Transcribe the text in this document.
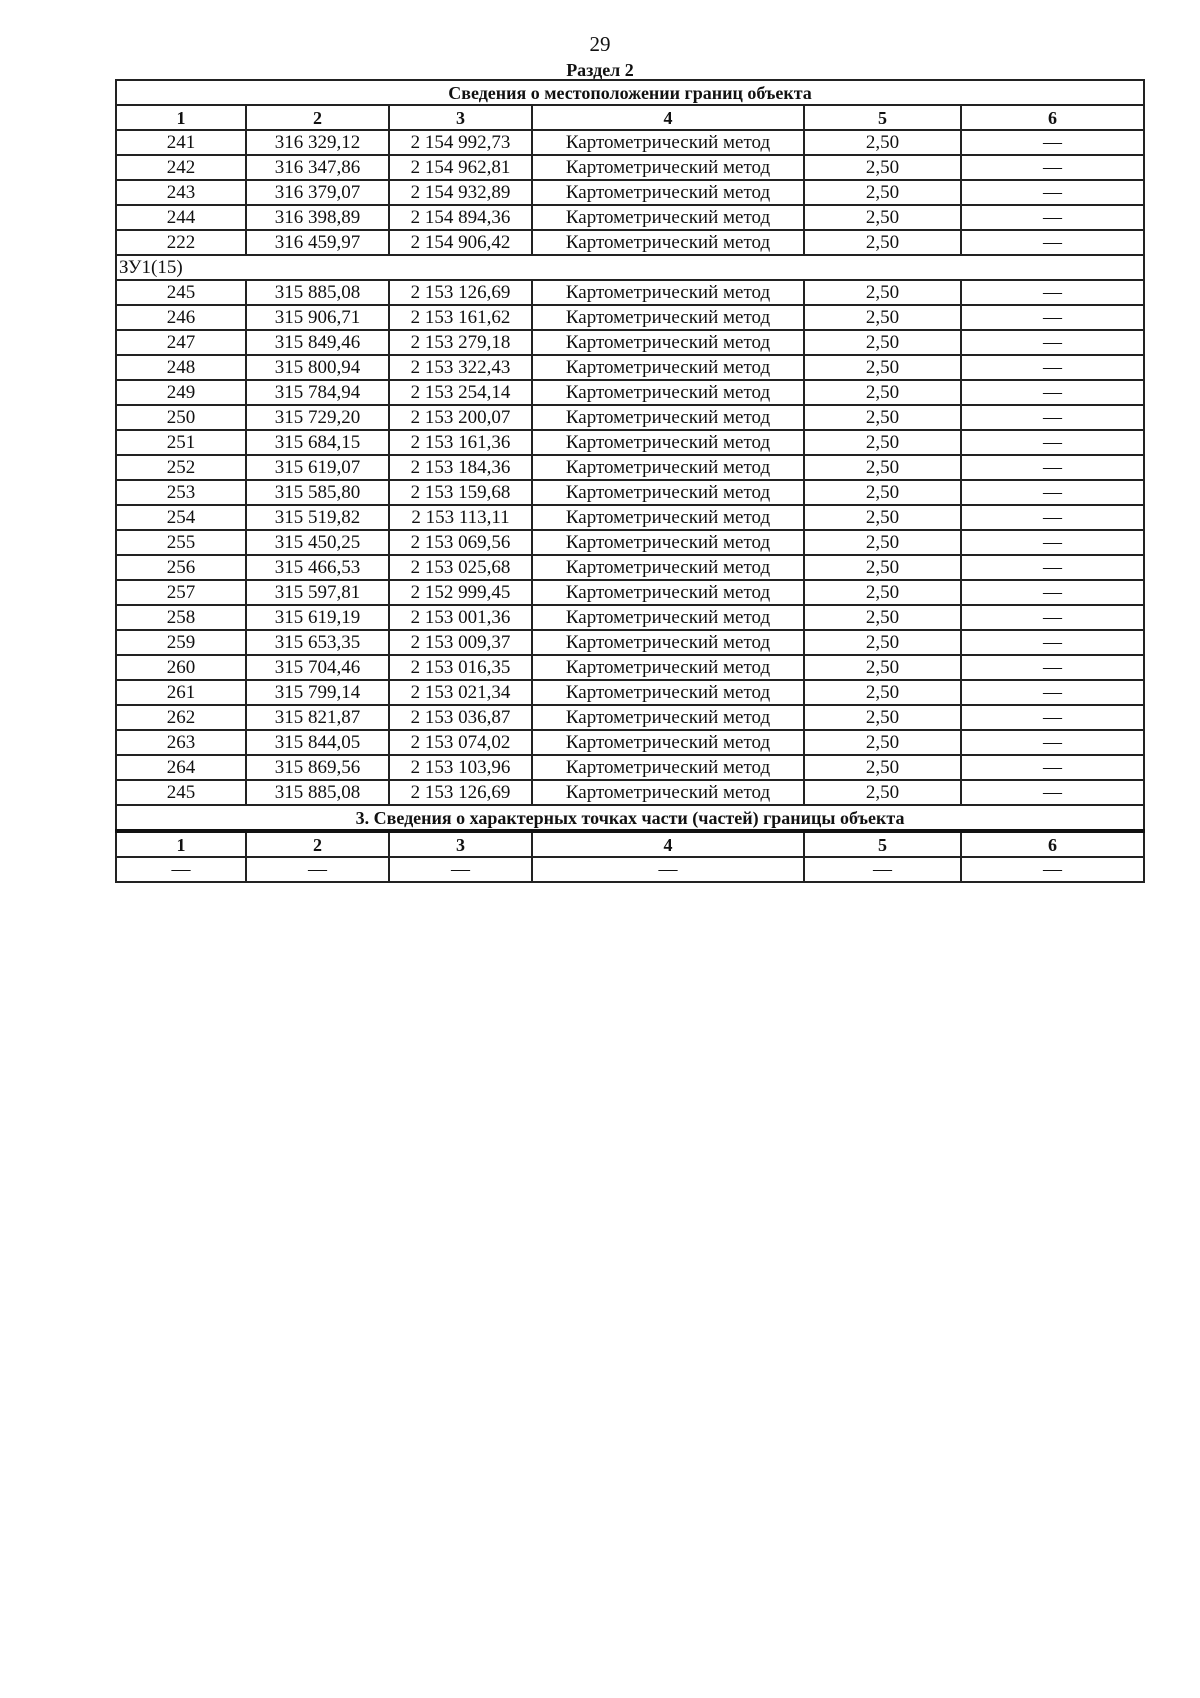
29
Раздел 2
Сведения о местоположении границ объекта					
1	2	3	4	5	6
241	316 329,12	2 154 992,73	Картометрический метод	2,50	—
242	316 347,86	2 154 962,81	Картометрический метод	2,50	—
243	316 379,07	2 154 932,89	Картометрический метод	2,50	—
244	316 398,89	2 154 894,36	Картометрический метод	2,50	—
222	316 459,97	2 154 906,42	Картометрический метод	2,50	—
ЗУ1(15)					
245	315 885,08	2 153 126,69	Картометрический метод	2,50	—
246	315 906,71	2 153 161,62	Картометрический метод	2,50	—
247	315 849,46	2 153 279,18	Картометрический метод	2,50	—
248	315 800,94	2 153 322,43	Картометрический метод	2,50	—
249	315 784,94	2 153 254,14	Картометрический метод	2,50	—
250	315 729,20	2 153 200,07	Картометрический метод	2,50	—
251	315 684,15	2 153 161,36	Картометрический метод	2,50	—
252	315 619,07	2 153 184,36	Картометрический метод	2,50	—
253	315 585,80	2 153 159,68	Картометрический метод	2,50	—
254	315 519,82	2 153 113,11	Картометрический метод	2,50	—
255	315 450,25	2 153 069,56	Картометрический метод	2,50	—
256	315 466,53	2 153 025,68	Картометрический метод	2,50	—
257	315 597,81	2 152 999,45	Картометрический метод	2,50	—
258	315 619,19	2 153 001,36	Картометрический метод	2,50	—
259	315 653,35	2 153 009,37	Картометрический метод	2,50	—
260	315 704,46	2 153 016,35	Картометрический метод	2,50	—
261	315 799,14	2 153 021,34	Картометрический метод	2,50	—
262	315 821,87	2 153 036,87	Картометрический метод	2,50	—
263	315 844,05	2 153 074,02	Картометрический метод	2,50	—
264	315 869,56	2 153 103,96	Картометрический метод	2,50	—
245	315 885,08	2 153 126,69	Картометрический метод	2,50	—
3. Сведения о характерных точках части (частей) границы объекта					
1	2	3	4	5	6
—	—	—	—	—	—
